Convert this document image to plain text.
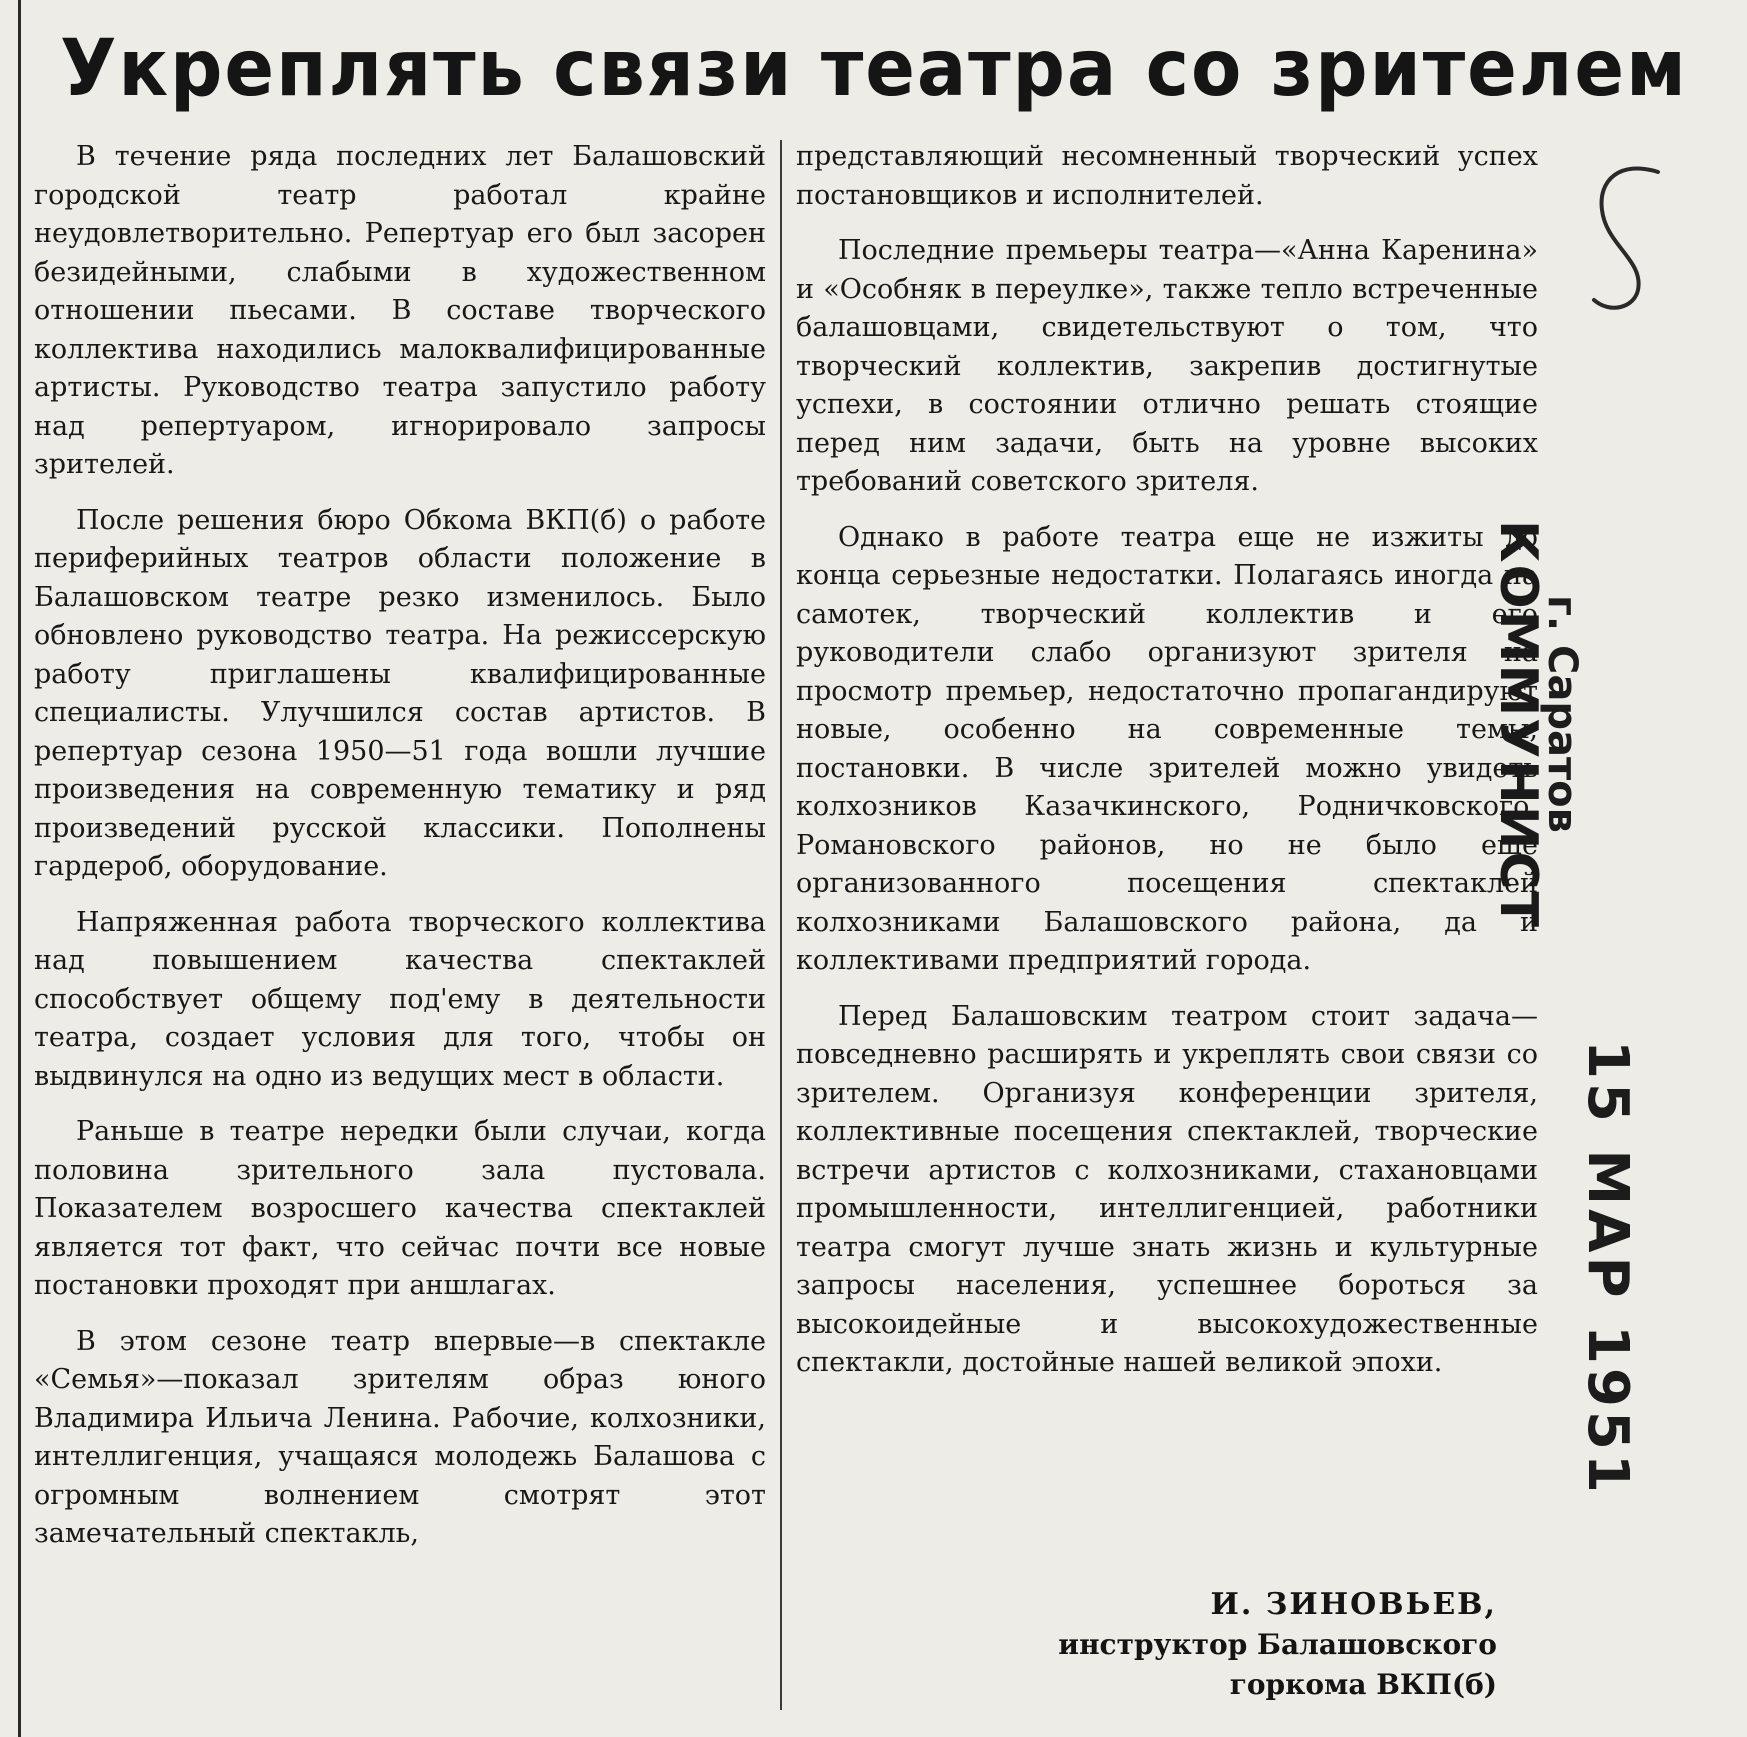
Укреплять связи театра со зрителем

В течение ряда последних лет Балашовский городской театр работал крайне неудовлетворительно. Репертуар его был засорен безидейными, слабыми в художественном отношении пьесами. В составе творческого коллектива находились малоквалифицированные артисты. Руководство театра запустило работу над репертуаром, игнорировало запросы зрителей.

После решения бюро Обкома ВКП(б) о работе периферийных театров области положение в Балашовском театре резко изменилось. Было обновлено руководство театра. На режиссерскую работу приглашены квалифицированные специалисты. Улучшился состав артистов. В репертуар сезона 1950—51 года вошли лучшие произведения на современную тематику и ряд произведений русской классики. Пополнены гардероб, оборудование.

Напряженная работа творческого коллектива над повышением качества спектаклей способствует общему под'ему в деятельности театра, создает условия для того, чтобы он выдвинулся на одно из ведущих мест в области.

Раньше в театре нередки были случаи, когда половина зрительного зала пустовала. Показателем возросшего качества спектаклей является тот факт, что сейчас почти все новые постановки проходят при аншлагах.

В этом сезоне театр впервые—в спектакле «Семья»—показал зрителям образ юного Владимира Ильича Ленина. Рабочие, колхозники, интеллигенция, учащаяся молодежь Балашова с огромным волнением смотрят этот замечательный спектакль,

представляющий несомненный творческий успех постановщиков и исполнителей.

Последние премьеры театра—«Анна Каренина» и «Особняк в переулке», также тепло встреченные балашовцами, свидетельствуют о том, что творческий коллектив, закрепив достигнутые успехи, в состоянии отлично решать стоящие перед ним задачи, быть на уровне высоких требований советского зрителя.

Однако в работе театра еще не изжиты до конца серьезные недостатки. Полагаясь иногда на самотек, творческий коллектив и его руководители слабо организуют зрителя на просмотр премьер, недостаточно пропагандируют новые, особенно на современные темы, постановки. В числе зрителей можно увидеть колхозников Казачкинского, Родничковского, Романовского районов, но не было еще организованного посещения спектаклей колхозниками Балашовского района, да и коллективами предприятий города.

Перед Балашовским театром стоит задача—повседневно расширять и укреплять свои связи со зрителем. Организуя конференции зрителя, коллективные посещения спектаклей, творческие встречи артистов с колхозниками, стахановцами промышленности, интеллигенцией, работники театра смогут лучше знать жизнь и культурные запросы населения, успешнее бороться за высокоидейные и высокохудожественные спектакли, достойные нашей великой эпохи.

И. ЗИНОВЬЕВ,
инструктор Балашовского
горкома ВКП(б)
КОММУНИСТ
г. Саратов
15 МАР 1951
